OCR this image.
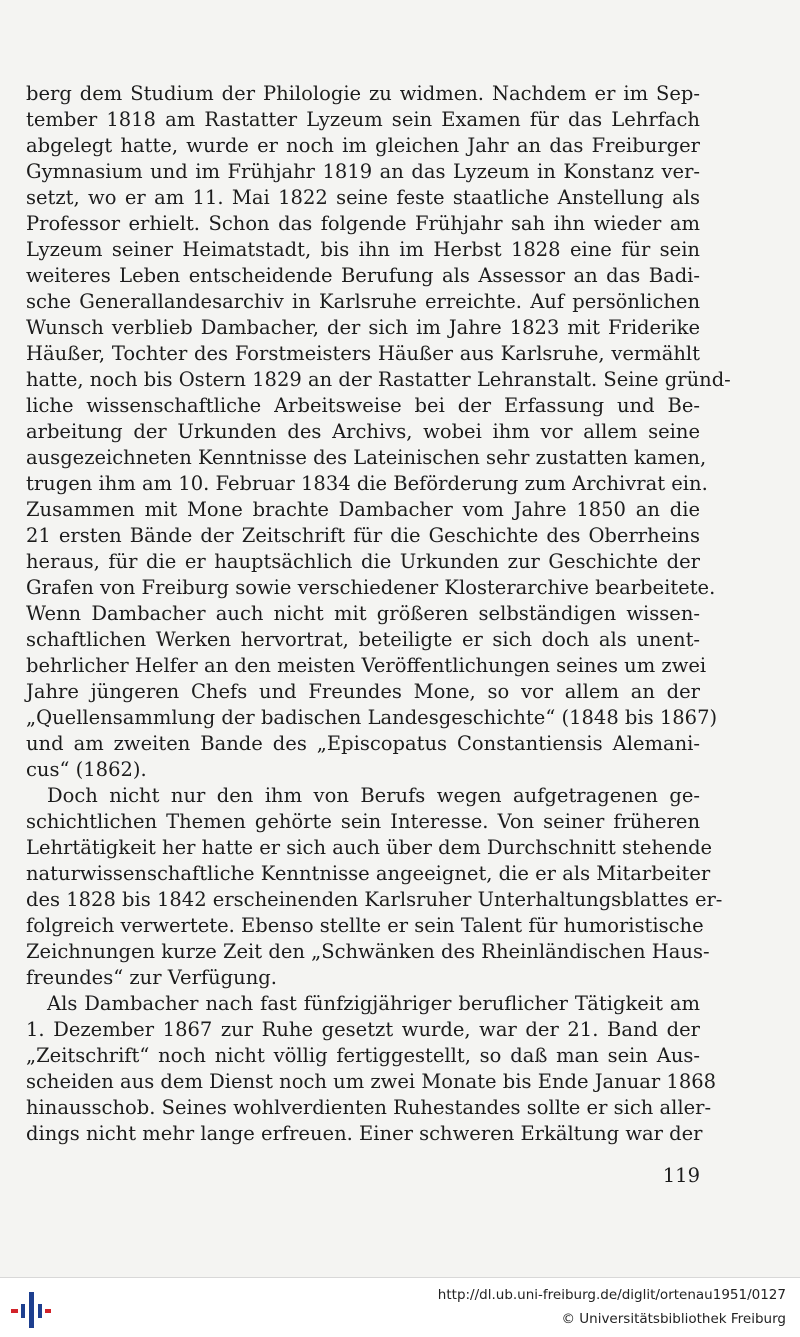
berg dem Studium der Philologie zu widmen. Nachdem er im Sep-
tember 1818 am Rastatter Lyzeum sein Examen für das Lehrfach
abgelegt hatte, wurde er noch im gleichen Jahr an das Freiburger
Gymnasium und im Frühjahr 1819 an das Lyzeum in Konstanz ver-
setzt, wo er am 11. Mai 1822 seine feste staatliche Anstellung als
Professor erhielt. Schon das folgende Frühjahr sah ihn wieder am
Lyzeum seiner Heimatstadt, bis ihn im Herbst 1828 eine für sein
weiteres Leben entscheidende Berufung als Assessor an das Badi-
sche Generallandesarchiv in Karlsruhe erreichte. Auf persönlichen
Wunsch verblieb Dambacher, der sich im Jahre 1823 mit Friderike
Häußer, Tochter des Forstmeisters Häußer aus Karlsruhe, vermählt
hatte, noch bis Ostern 1829 an der Rastatter Lehranstalt. Seine gründ-
liche wissenschaftliche Arbeitsweise bei der Erfassung und Be-
arbeitung der Urkunden des Archivs, wobei ihm vor allem seine
ausgezeichneten Kenntnisse des Lateinischen sehr zustatten kamen,
trugen ihm am 10. Februar 1834 die Beförderung zum Archivrat ein.
Zusammen mit Mone brachte Dambacher vom Jahre 1850 an die
21 ersten Bände der Zeitschrift für die Geschichte des Oberrheins
heraus, für die er hauptsächlich die Urkunden zur Geschichte der
Grafen von Freiburg sowie verschiedener Klosterarchive bearbeitete.
Wenn Dambacher auch nicht mit größeren selbständigen wissen-
schaftlichen Werken hervortrat, beteiligte er sich doch als unent-
behrlicher Helfer an den meisten Veröffentlichungen seines um zwei
Jahre jüngeren Chefs und Freundes Mone, so vor allem an der
„Quellensammlung der badischen Landesgeschichte“ (1848 bis 1867)
und am zweiten Bande des „Episcopatus Constantiensis Alemani-
cus“ (1862).
Doch nicht nur den ihm von Berufs wegen aufgetragenen ge-
schichtlichen Themen gehörte sein Interesse. Von seiner früheren
Lehrtätigkeit her hatte er sich auch über dem Durchschnitt stehende
naturwissenschaftliche Kenntnisse angeeignet, die er als Mitarbeiter
des 1828 bis 1842 erscheinenden Karlsruher Unterhaltungsblattes er-
folgreich verwertete. Ebenso stellte er sein Talent für humoristische
Zeichnungen kurze Zeit den „Schwänken des Rheinländischen Haus-
freundes“ zur Verfügung.
Als Dambacher nach fast fünfzigjähriger beruflicher Tätigkeit am
1. Dezember 1867 zur Ruhe gesetzt wurde, war der 21. Band der
„Zeitschrift“ noch nicht völlig fertiggestellt, so daß man sein Aus-
scheiden aus dem Dienst noch um zwei Monate bis Ende Januar 1868
hinausschob. Seines wohlverdienten Ruhestandes sollte er sich aller-
dings nicht mehr lange erfreuen. Einer schweren Erkältung war der
119
http://dl.ub.uni-freiburg.de/diglit/ortenau1951/0127
© Universitätsbibliothek Freiburg
